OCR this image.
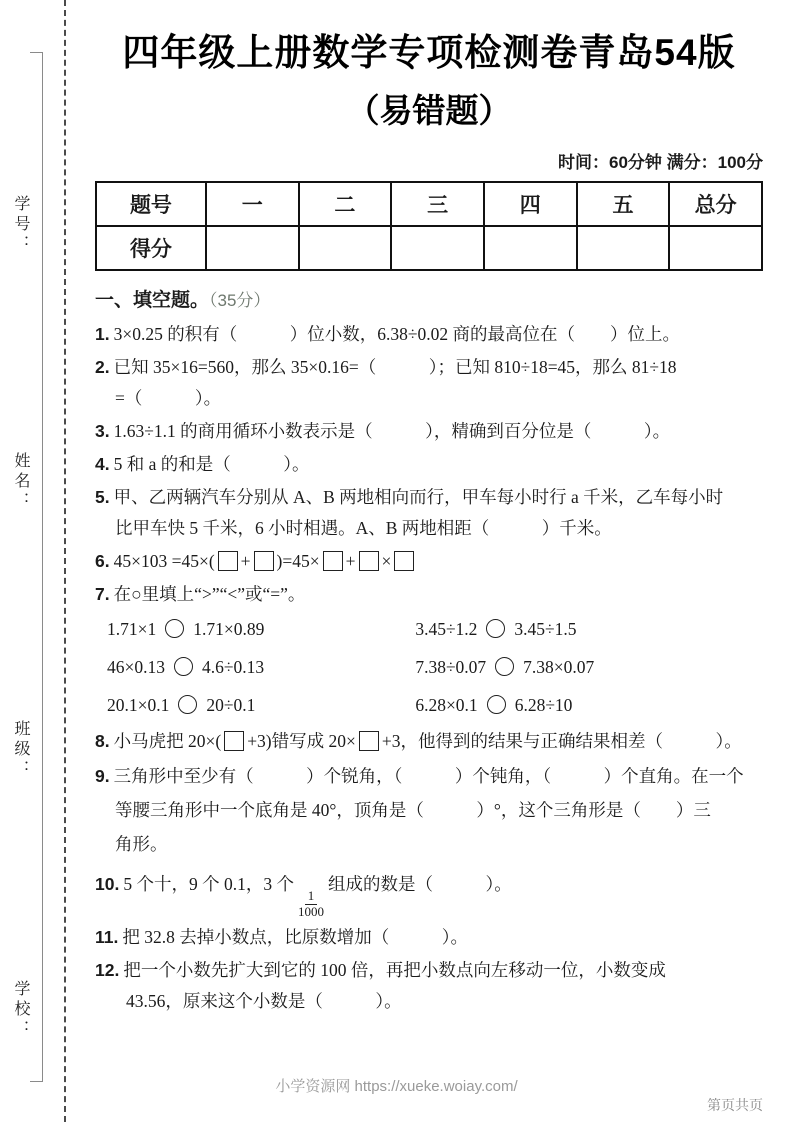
学号：
姓名：
班级：
学校：
四年级上册数学专项检测卷青岛54版
（易错题）
时间：60分钟 满分：100分
题号	一	二	三	四	五	总分
得分						
一、填空题。（35分）
1. 3×0.25 的积有（　　　）位小数，6.38÷0.02 商的最高位在（　　）位上。
2. 已知 35×16=560，那么 35×0.16=（　　　）；已知 810÷18=45，那么 81÷18
=（　　　）。
3. 1.63÷1.1 的商用循环小数表示是（　　　），精确到百分位是（　　　）。
4. 5 和 a 的和是（　　　）。
5. 甲、乙两辆汽车分别从 A、B 两地相向而行，甲车每小时行 a 千米，乙车每小时
比甲车快 5 千米，6 小时相遇。A、B 两地相距（　　　）千米。
6. 45×103 =45×( + )=45× + ×
7. 在○里填上“>”“<”或“=”。
1.71×1 1.71×0.89	3.45÷1.2 3.45÷1.5
46×0.13 4.6÷0.13	7.38÷0.07 7.38×0.07
20.1×0.1 20÷0.1	6.28×0.1 6.28÷10
8. 小马虎把 20×( +3)错写成 20× +3，他得到的结果与正确结果相差（　　　）。
9. 三角形中至少有（　　　）个锐角，（　　　）个钝角，（　　　）个直角。在一个
等腰三角形中一个底角是 40°，顶角是（　　　）°，这个三角形是（　　）三
角形。
10. 5 个十，9 个 0.1，3 个
$\frac{1}{1000}$
组成的数是（　　　）。
11. 把 32.8 去掉小数点，比原数增加（　　　）。
12. 把一个小数先扩大到它的 100 倍，再把小数点向左移动一位，小数变成
43.56，原来这个小数是（　　　）。
小学资源网 https://xueke.woiay.com/
第页共页
